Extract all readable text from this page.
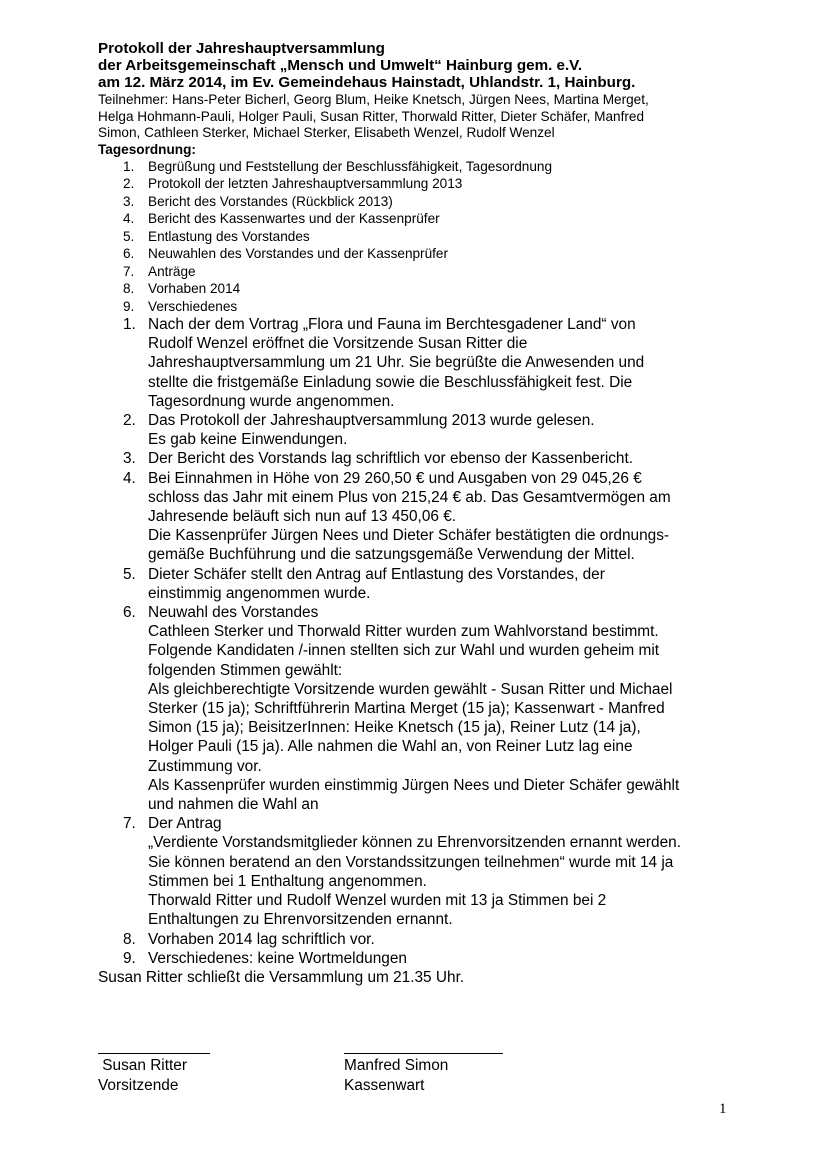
Protokoll der Jahreshauptversammlung

der Arbeitsgemeinschaft „Mensch und Umwelt“ Hainburg gem. e.V.

am 12. März 2014, im Ev. Gemeindehaus Hainstadt, Uhlandstr. 1, Hainburg.

Teilnehmer: Hans-Peter Bicherl, Georg Blum, Heike Knetsch, Jürgen Nees, Martina Merget,
Helga Hohmann-Pauli, Holger Pauli, Susan Ritter, Thorwald Ritter, Dieter Schäfer, Manfred
Simon, Cathleen Sterker, Michael Sterker, Elisabeth Wenzel, Rudolf Wenzel

Tagesordnung:

1. Begrüßung und Feststellung der Beschlussfähigkeit, Tagesordnung
2. Protokoll der letzten Jahreshauptversammlung 2013
3. Bericht des Vorstandes (Rückblick 2013)
4. Bericht des Kassenwartes und der Kassenprüfer
5. Entlastung des Vorstandes
6. Neuwahlen des Vorstandes und der Kassenprüfer
7. Anträge
8. Vorhaben 2014
9. Verschiedenes
1. Nach der dem Vortrag „Flora und Fauna im Berchtesgadener Land“ von
Rudolf Wenzel eröffnet die Vorsitzende Susan Ritter die
Jahreshauptversammlung um 21 Uhr. Sie begrüßte die Anwesenden und
stellte die fristgemäße Einladung sowie die Beschlussfähigkeit fest. Die
Tagesordnung wurde angenommen.
2. Das Protokoll der Jahreshauptversammlung 2013 wurde gelesen.
Es gab keine Einwendungen.
3. Der Bericht des Vorstands lag schriftlich vor ebenso der Kassenbericht.
4. Bei Einnahmen in Höhe von 29 260,50 € und Ausgaben von 29 045,26 €
schloss das Jahr mit einem Plus von 215,24 € ab. Das Gesamtvermögen am
Jahresende beläuft sich nun auf 13 450,06 €.
Die Kassenprüfer Jürgen Nees und Dieter Schäfer bestätigten die ordnungs-
gemäße Buchführung und die satzungsgemäße Verwendung der Mittel.
5. Dieter Schäfer stellt den Antrag auf Entlastung des Vorstandes, der
einstimmig angenommen wurde.
6. Neuwahl des Vorstandes
Cathleen Sterker und Thorwald Ritter wurden zum Wahlvorstand bestimmt.
Folgende Kandidaten /-innen stellten sich zur Wahl und wurden geheim mit
folgenden Stimmen gewählt:
Als gleichberechtigte Vorsitzende wurden gewählt - Susan Ritter und Michael
Sterker (15 ja); Schriftführerin Martina Merget (15 ja); Kassenwart - Manfred
Simon (15 ja); BeisitzerInnen: Heike Knetsch (15 ja), Reiner Lutz (14 ja),
Holger Pauli (15 ja). Alle nahmen die Wahl an, von Reiner Lutz lag eine
Zustimmung vor.
Als Kassenprüfer wurden einstimmig Jürgen Nees und Dieter Schäfer gewählt
und nahmen die Wahl an
7. Der Antrag
„Verdiente Vorstandsmitglieder können zu Ehrenvorsitzenden ernannt werden.
Sie können beratend an den Vorstandssitzungen teilnehmen“ wurde mit 14 ja
Stimmen bei 1 Enthaltung angenommen.
Thorwald Ritter und Rudolf Wenzel wurden mit 13 ja Stimmen bei 2
Enthaltungen zu Ehrenvorsitzenden ernannt.
8. Vorhaben 2014 lag schriftlich vor.
9. Verschiedenes: keine Wortmeldungen

Susan Ritter schließt die Versammlung um 21.35 Uhr.

Susan Ritter
Vorsitzende
Manfred Simon
Kassenwart
1
